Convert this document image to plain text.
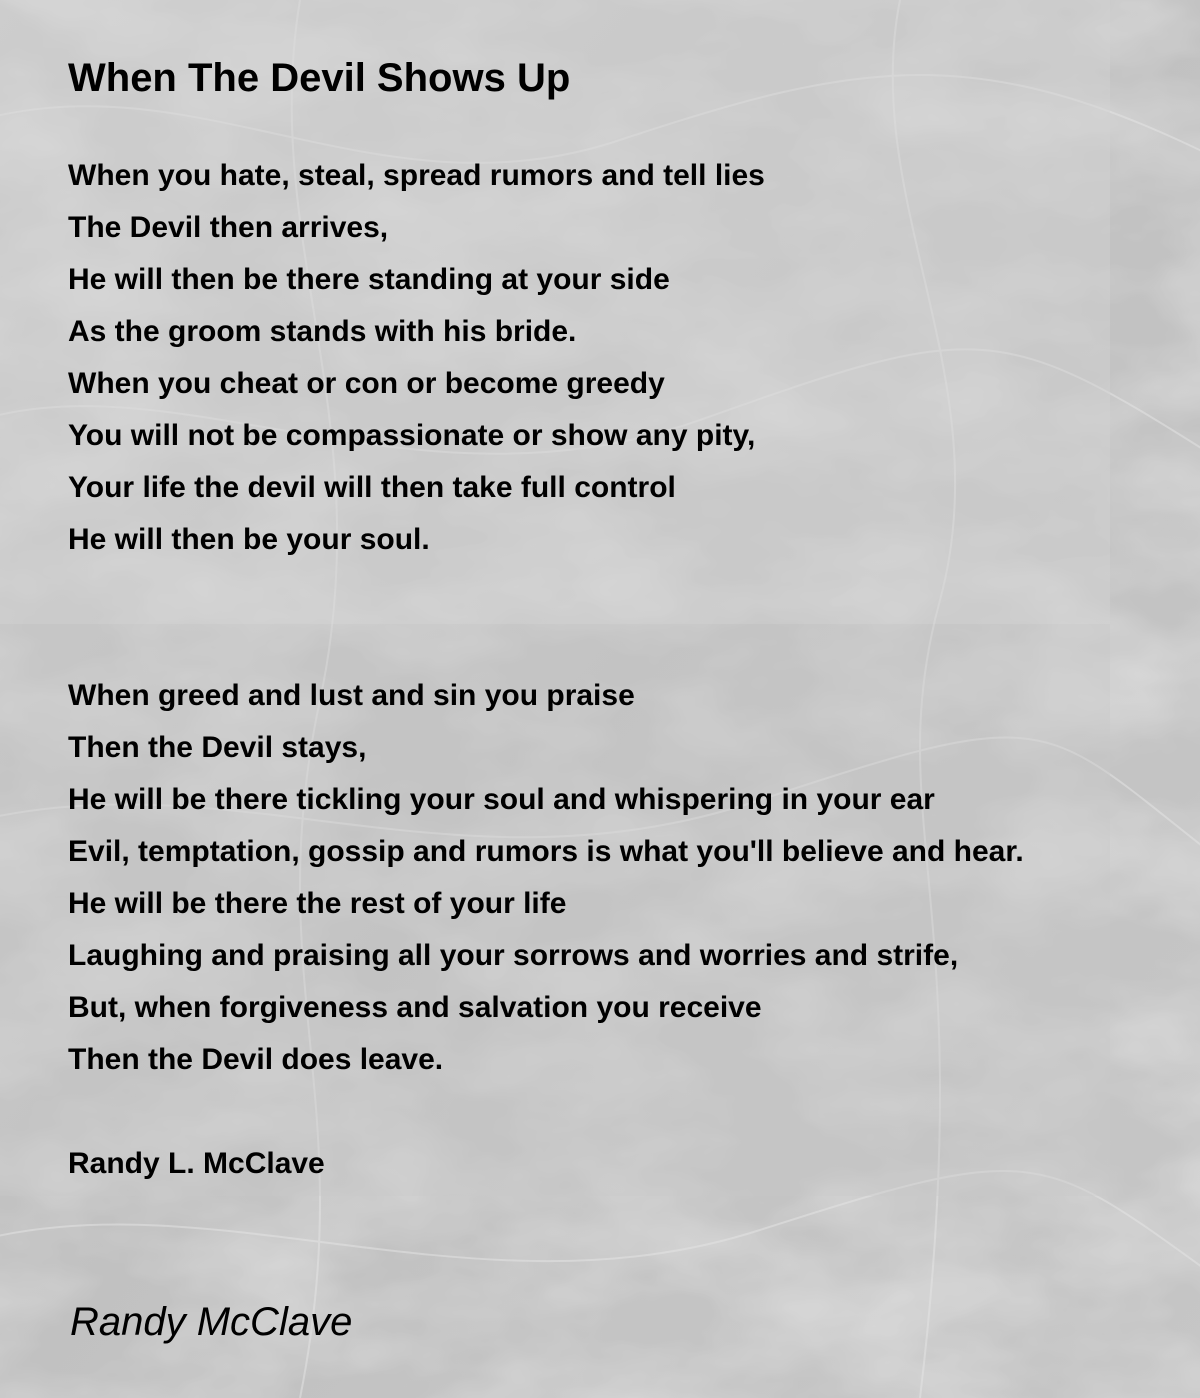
When The Devil Shows Up
When you hate, steal, spread rumors and tell lies
The Devil then arrives,
He will then be there standing at your side
As the groom stands with his bride.
When you cheat or con or become greedy
You will not be compassionate or show any pity,
Your life the devil will then take full control
He will then be your soul.
When greed and lust and sin you praise
Then the Devil stays,
He will be there tickling your soul and whispering in your ear
Evil, temptation, gossip and rumors is what you'll believe and hear.
He will be there the rest of your life
Laughing and praising all your sorrows and worries and strife,
But, when forgiveness and salvation you receive
Then the Devil does leave.

Randy L. McClave

Randy McClave
